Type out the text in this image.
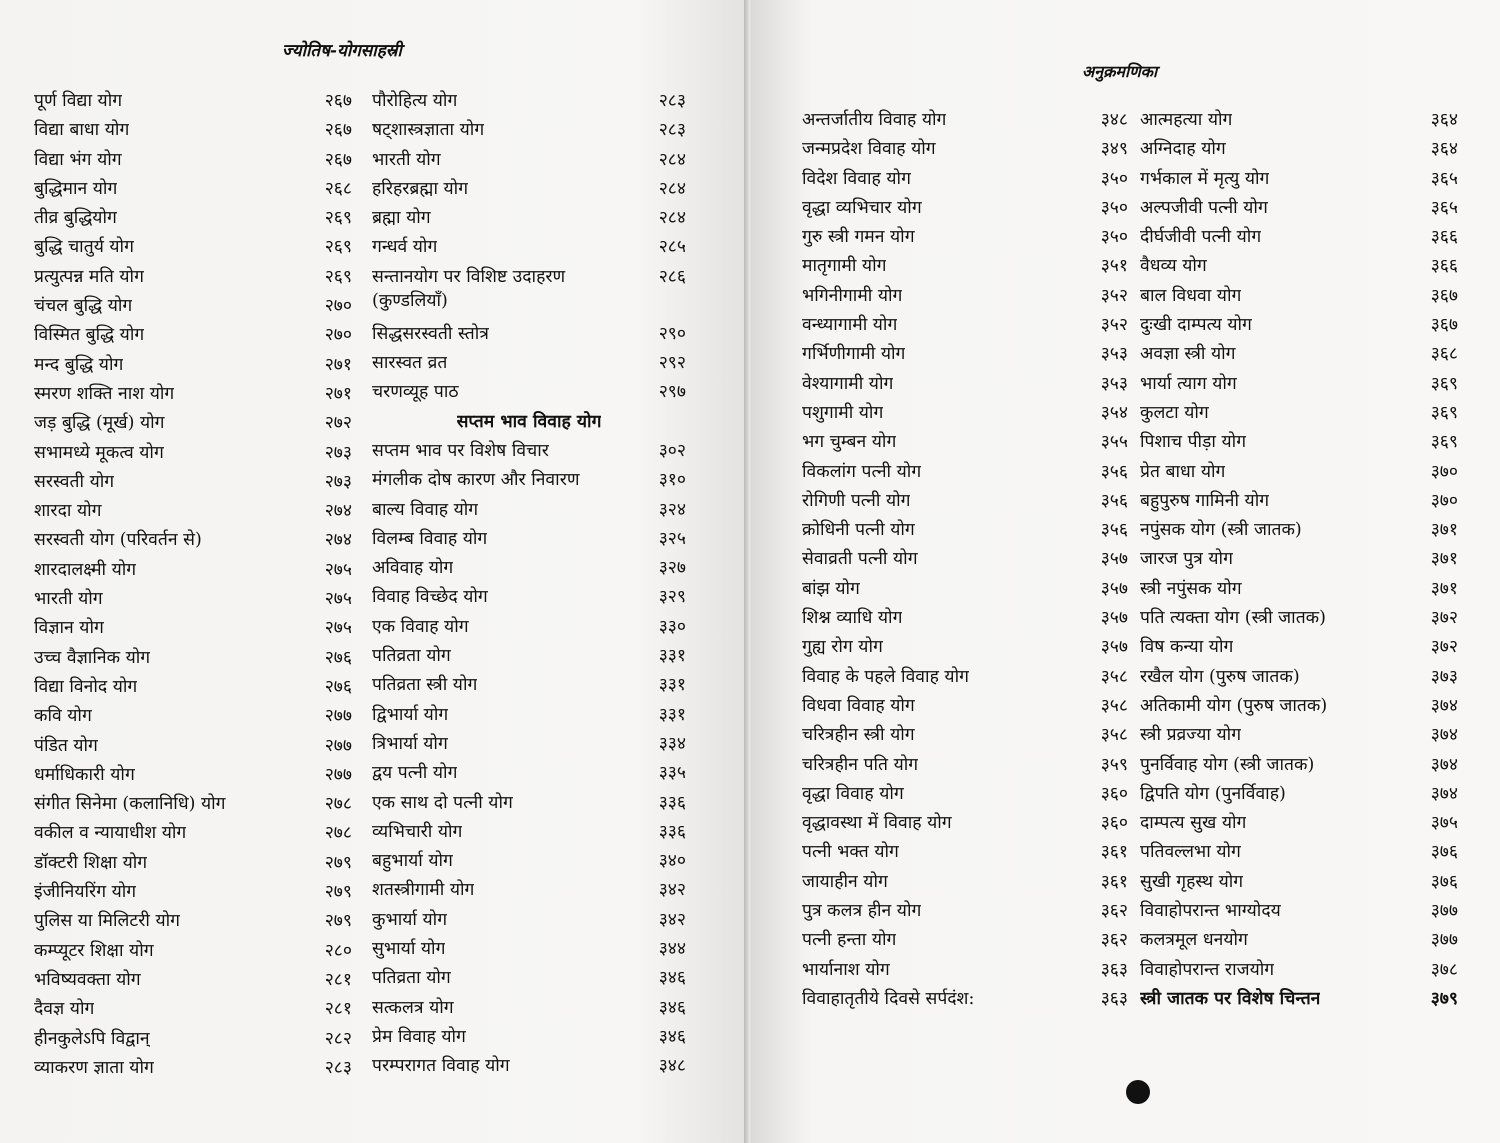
ज्योतिष-योगसाहस्री
पूर्ण विद्या योग	२६७
विद्या बाधा योग	२६७
विद्या भंग योग	२६७
बुद्धिमान योग	२६८
तीव्र बुद्धियोग	२६९
बुद्धि चातुर्य योग	२६९
प्रत्युत्पन्न मति योग	२६९
चंचल बुद्धि योग	२७०
विस्मित बुद्धि योग	२७०
मन्द बुद्धि योग	२७१
स्मरण शक्ति नाश योग	२७१
जड़ बुद्धि (मूर्ख) योग	२७२
सभामध्ये मूकत्व योग	२७३
सरस्वती योग	२७३
शारदा योग	२७४
सरस्वती योग (परिवर्तन से)	२७४
शारदालक्ष्मी योग	२७५
भारती योग	२७५
विज्ञान योग	२७५
उच्च वैज्ञानिक योग	२७६
विद्या विनोद योग	२७६
कवि योग	२७७
पंडित योग	२७७
धर्माधिकारी योग	२७७
संगीत सिनेमा (कलानिधि) योग	२७८
वकील व न्यायाधीश योग	२७८
डॉक्टरी शिक्षा योग	२७९
इंजीनियरिंग योग	२७९
पुलिस या मिलिटरी योग	२७९
कम्प्यूटर शिक्षा योग	२८०
भविष्यवक्ता योग	२८१
दैवज्ञ योग	२८१
हीनकुलेऽपि विद्वान्	२८२
व्याकरण ज्ञाता योग	२८३
पौरोहित्य योग	२८३
षट्शास्त्रज्ञाता योग	२८३
भारती योग	२८४
हरिहरब्रह्मा योग	२८४
ब्रह्मा योग	२८४
गन्धर्व योग	२८५
सन्तानयोग पर विशिष्ट उदाहरण (कुण्डलियाँ)
२८६
सिद्धसरस्वती स्तोत्र	२९०
सारस्वत व्रत	२९२
चरणव्यूह पाठ	२९७
सप्तम भाव विवाह योग
सप्तम भाव पर विशेष विचार	३०२
मंगलीक दोष कारण और निवारण	३१०
बाल्य विवाह योग	३२४
विलम्ब विवाह योग	३२५
अविवाह योग	३२७
विवाह विच्छेद योग	३२९
एक विवाह योग	३३०
पतिव्रता योग	३३१
पतिव्रता स्त्री योग	३३१
द्विभार्या योग	३३१
त्रिभार्या योग	३३४
द्वय पत्नी योग	३३५
एक साथ दो पत्नी योग	३३६
व्यभिचारी योग	३३६
बहुभार्या योग	३४०
शतस्त्रीगामी योग	३४२
कुभार्या योग	३४२
सुभार्या योग	३४४
पतिव्रता योग	३४६
सत्कलत्र योग	३४६
प्रेम विवाह योग	३४६
परम्परागत विवाह योग	३४८
अनुक्रमणिका
अन्तर्जातीय विवाह योग	३४८
जन्मप्रदेश विवाह योग	३४९
विदेश विवाह योग	३५०
वृद्धा व्यभिचार योग	३५०
गुरु स्त्री गमन योग	३५०
मातृगामी योग	३५१
भगिनीगामी योग	३५२
वन्ध्यागामी योग	३५२
गर्भिणीगामी योग	३५३
वेश्यागामी योग	३५३
पशुगामी योग	३५४
भग चुम्बन योग	३५५
विकलांग पत्नी योग	३५६
रोगिणी पत्नी योग	३५६
क्रोधिनी पत्नी योग	३५६
सेवाव्रती पत्नी योग	३५७
बांझ योग	३५७
शिश्न व्याधि योग	३५७
गुह्य रोग योग	३५७
विवाह के पहले विवाह योग	३५८
विधवा विवाह योग	३५८
चरित्रहीन स्त्री योग	३५८
चरित्रहीन पति योग	३५९
वृद्धा विवाह योग	३६०
वृद्धावस्था में विवाह योग	३६०
पत्नी भक्त योग	३६१
जायाहीन योग	३६१
पुत्र कलत्र हीन योग	३६२
पत्नी हन्ता योग	३६२
भार्यानाश योग	३६३
विवाहातृतीये दिवसे सर्पदंश:	३६३
आत्महत्या योग	३६४
अग्निदाह योग	३६४
गर्भकाल में मृत्यु योग	३६५
अल्पजीवी पत्नी योग	३६५
दीर्घजीवी पत्नी योग	३६६
वैधव्य योग	३६६
बाल विधवा योग	३६७
दुःखी दाम्पत्य योग	३६७
अवज्ञा स्त्री योग	३६८
भार्या त्याग योग	३६९
कुलटा योग	३६९
पिशाच पीड़ा योग	३६९
प्रेत बाधा योग	३७०
बहुपुरुष गामिनी योग	३७०
नपुंसक योग (स्त्री जातक)	३७१
जारज पुत्र योग	३७१
स्त्री नपुंसक योग	३७१
पति त्यक्ता योग (स्त्री जातक)	३७२
विष कन्या योग	३७२
रखैल योग (पुरुष जातक)	३७३
अतिकामी योग (पुरुष जातक)	३७४
स्त्री प्रव्रज्या योग	३७४
पुनर्विवाह योग (स्त्री जातक)	३७४
द्विपति योग (पुनर्विवाह)	३७४
दाम्पत्य सुख योग	३७५
पतिवल्लभा योग	३७६
सुखी गृहस्थ योग	३७६
विवाहोपरान्त भाग्योदय	३७७
कलत्रमूल धनयोग	३७७
विवाहोपरान्त राजयोग	३७८
स्त्री जातक पर विशेष चिन्तन	३७९
